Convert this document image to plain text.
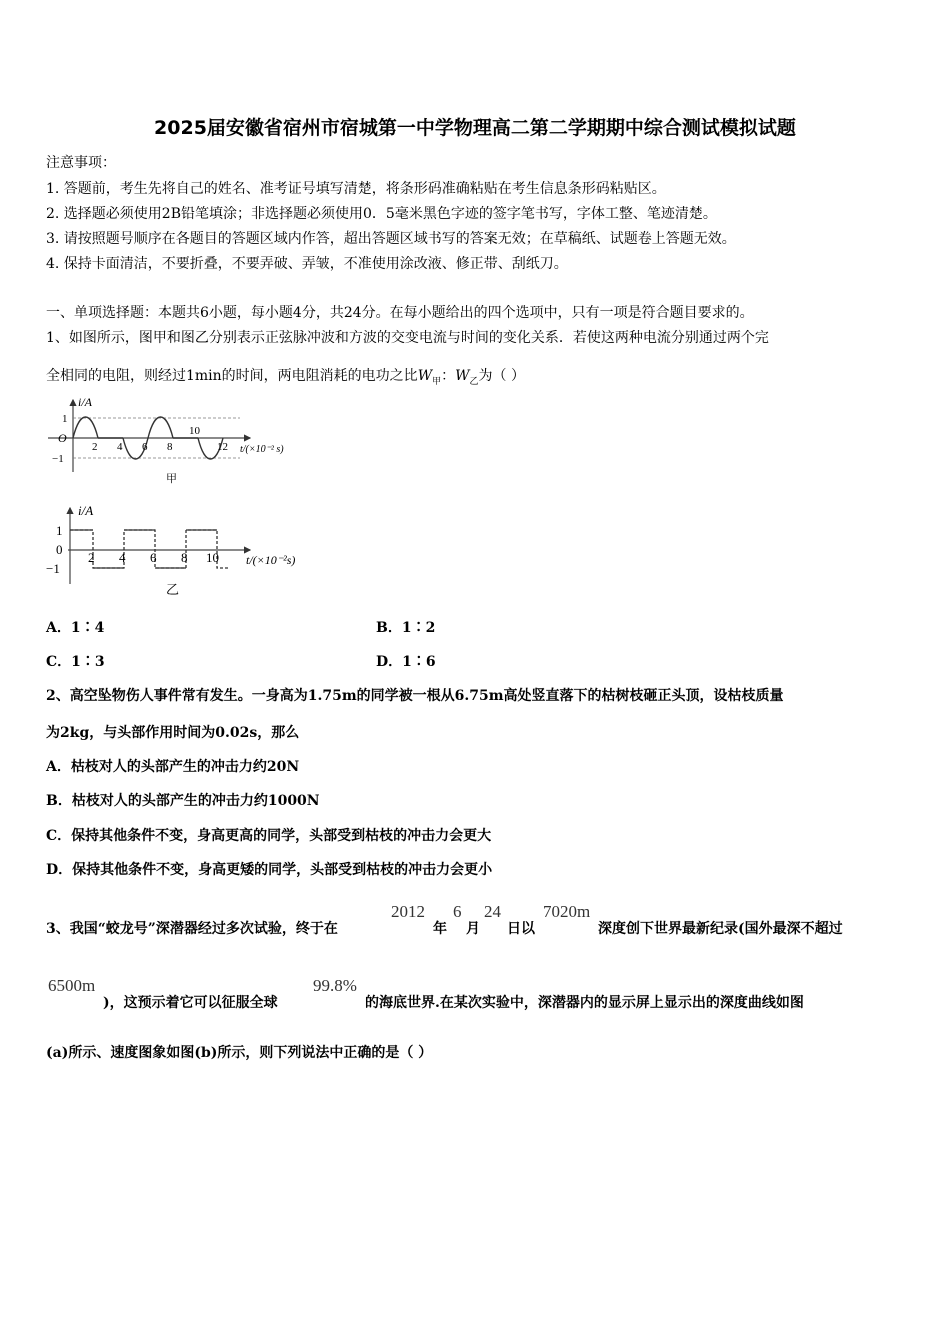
2025届安徽省宿州市宿城第一中学物理高二第二学期期中综合测试模拟试题
注意事项：
1. 答题前，考生先将自己的姓名、准考证号填写清楚，将条形码准确粘贴在考生信息条形码粘贴区。
2. 选择题必须使用2B铅笔填涂；非选择题必须使用0．5毫米黑色字迹的签字笔书写，字体工整、笔迹清楚。
3. 请按照题号顺序在各题目的答题区域内作答，超出答题区域书写的答案无效；在草稿纸、试题卷上答题无效。
4. 保持卡面清洁，不要折叠，不要弄破、弄皱，不准使用涂改液、修正带、刮纸刀。
一、单项选择题：本题共6小题，每小题4分，共24分。在每小题给出的四个选项中，只有一项是符合题目要求的。
1、如图所示，图甲和图乙分别表示正弦脉冲波和方波的交变电流与时间的变化关系．若使这两种电流分别通过两个完
全相同的电阻，则经过1min的时间，两电阻消耗的电功之比$W_甲$：$W_乙$为（ ）
i/A
1
O
−1
2 4 6 8
10
12 t/(×10⁻² s)
甲
i/A
1
0
−1
2 4 6 8 10 t/(×10⁻²s)
乙
A．1∶4	B．1∶2
C．1∶3	D．1∶6
2、高空坠物伤人事件常有发生。一身高为1.75m的同学被一根从6.75m高处竖直落下的枯树枝砸正头顶，设枯枝质量
为2kg，与头部作用时间为0.02s，那么
A．枯枝对人的头部产生的冲击力约20N
B．枯枝对人的头部产生的冲击力约1000N
C．保持其他条件不变，身高更高的同学，头部受到枯枝的冲击力会更大
D．保持其他条件不变，身高更矮的同学，头部受到枯枝的冲击力会更小
3、我国“蛟龙号”深潜器经过多次试验，终于在
2012
年
6
月
24
日以
7020m
深度创下世界最新纪录(国外最深不超过
6500m
)，这预示着它可以征服全球
99.8%
的海底世界.在某次实验中，深潜器内的显示屏上显示出的深度曲线如图
(a)所示、速度图象如图(b)所示，则下列说法中正确的是（ ）
